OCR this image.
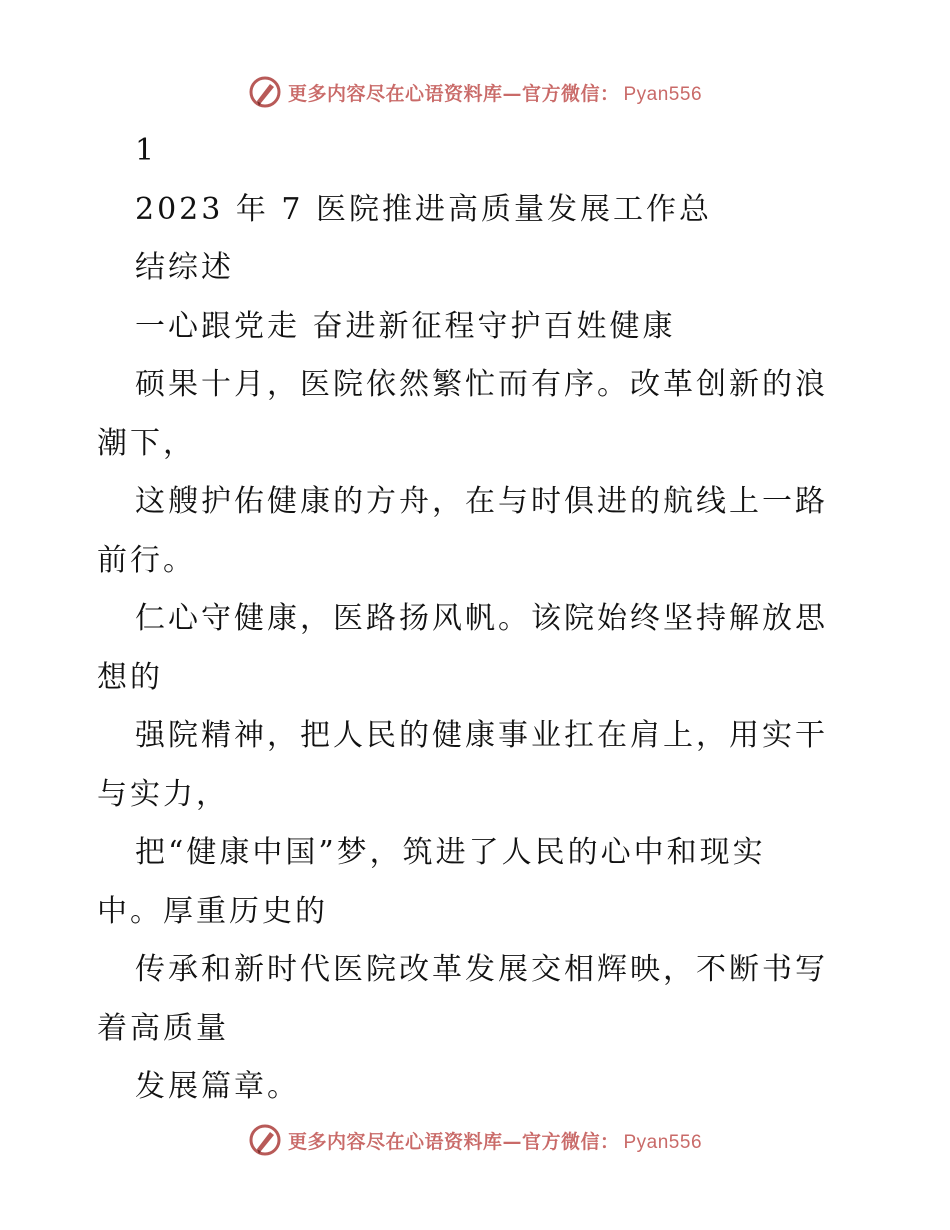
更多内容尽在心语资料库—官方微信： Pyan556
1
2023 年 7 医院推进高质量发展工作总
结综述
一心跟党走 奋进新征程守护百姓健康
硕果十月，医院依然繁忙而有序。改革创新的浪
潮下，
这艘护佑健康的方舟，在与时俱进的航线上一路
前行。
仁心守健康，医路扬风帆。该院始终坚持解放思
想的
强院精神，把人民的健康事业扛在肩上，用实干
与实力，
把“健康中国”梦，筑进了人民的心中和现实
中。厚重历史的
传承和新时代医院改革发展交相辉映，不断书写
着高质量
发展篇章。
更多内容尽在心语资料库—官方微信： Pyan556
